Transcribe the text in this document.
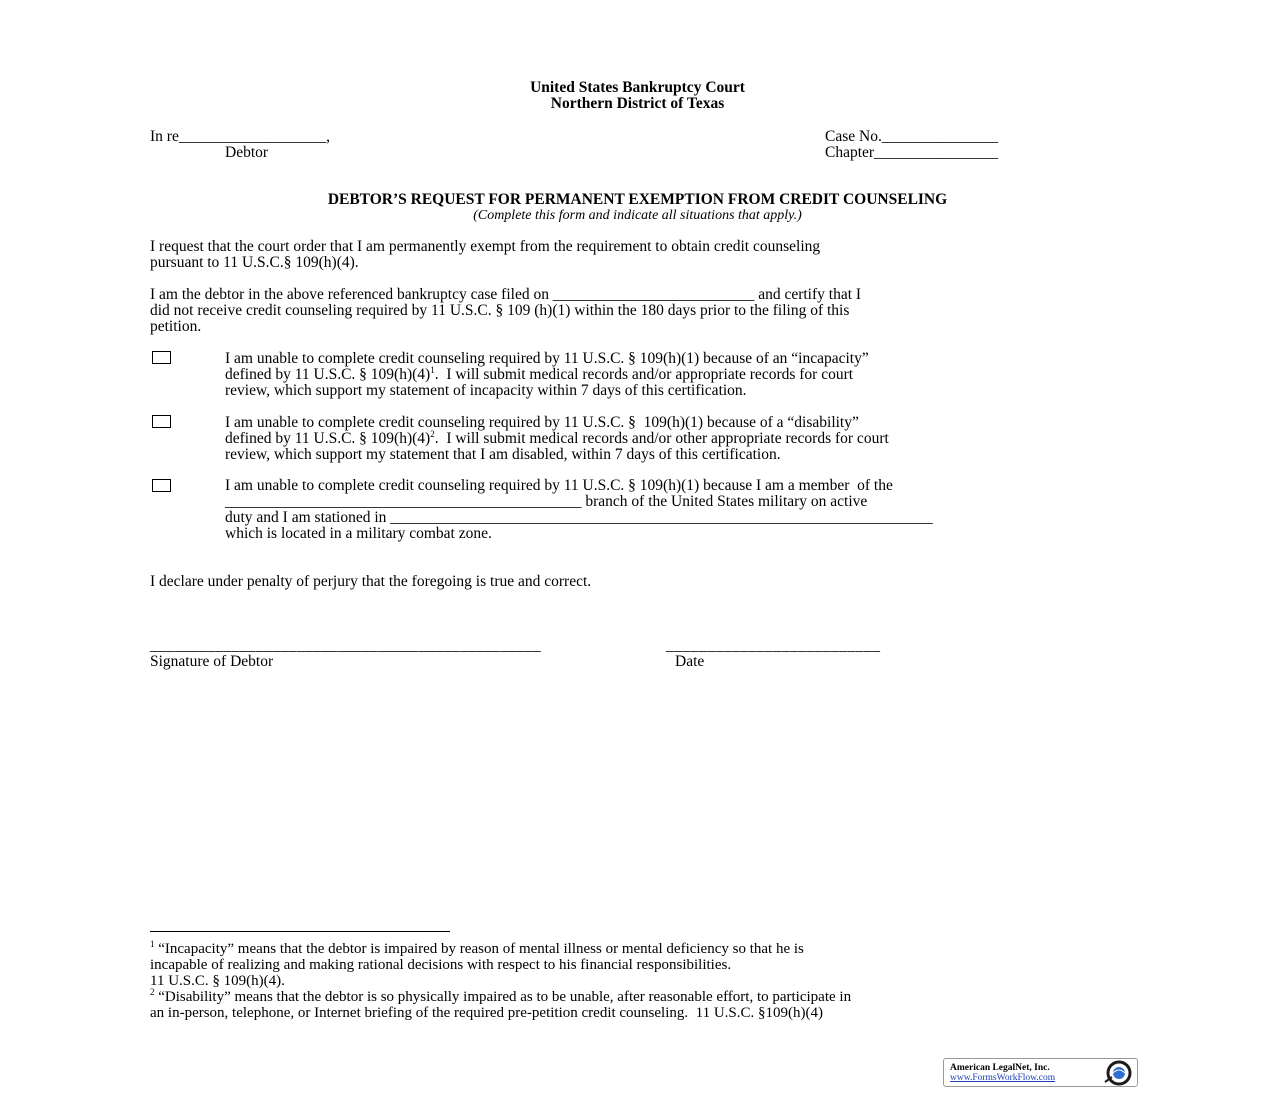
United States Bankruptcy Court
Northern District of Texas
In re___________________,
Debtor
Case No._______________
Chapter________________
DEBTOR’S REQUEST FOR PERMANENT EXEMPTION FROM CREDIT COUNSELING
(Complete this form and indicate all situations that apply.)
I request that the court order that I am permanently exempt from the requirement to obtain credit counseling
pursuant to 11 U.S.C.§ 109(h)(4).
I am the debtor in the above referenced bankruptcy case filed on __________________________ and certify that I
did not receive credit counseling required by 11 U.S.C. § 109 (h)(1) within the 180 days prior to the filing of this
petition.
I am unable to complete credit counseling required by 11 U.S.C. § 109(h)(1) because of an “incapacity”
defined by 11 U.S.C. § $109(h)(4)^1$.  I will submit medical records and/or appropriate records for court
review, which support my statement of incapacity within 7 days of this certification.
I am unable to complete credit counseling required by 11 U.S.C. §  109(h)(1) because of a “disability”
defined by 11 U.S.C. § $109(h)(4)^2$.  I will submit medical records and/or other appropriate records for court
review, which support my statement that I am disabled, within 7 days of this certification.
I am unable to complete credit counseling required by 11 U.S.C. § 109(h)(1) because I am a member  of the
______________________________________________ branch of the United States military on active
duty and I am stationed in ______________________________________________________________________
which is located in a military combat zone.
I declare under penalty of perjury that the foregoing is true and correct.
________________________________________________
Signature of Debtor
__________________________
Date
$^1$ “Incapacity” means that the debtor is impaired by reason of mental illness or mental deficiency so that he is
incapable of realizing and making rational decisions with respect to his financial responsibilities.
11 U.S.C. § 109(h)(4).
$^2$ “Disability” means that the debtor is so physically impaired as to be unable, after reasonable effort, to participate in
an in-person, telephone, or Internet briefing of the required pre-petition credit counseling.  11 U.S.C. §109(h)(4)
American LegalNet, Inc.
www.FormsWorkFlow.com
